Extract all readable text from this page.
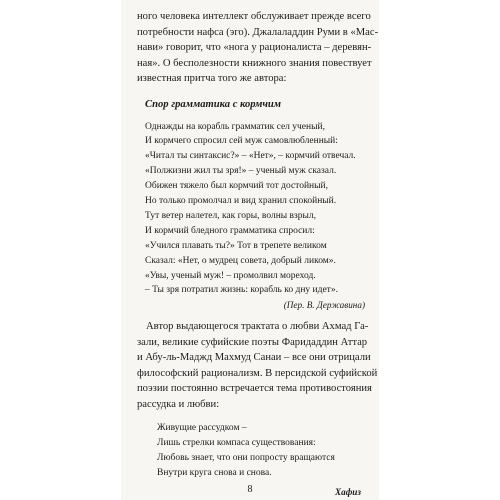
ного человека интеллект обслуживает прежде всего
потребности нафса (эго). Джалаладдин Руми в «Мас-
нави» говорит, что «нога у рационалиста – деревян-
ная». О бесполезности книжного знания повествует
известная притча того же автора:
Спор грамматика с кормчим
Однажды на корабль грамматик сел ученый,
И кормчего спросил сей муж самовлюбленный:
«Читал ты синтаксис?» – «Нет», – кормчий отвечал.
«Полжизни жил ты зря!» – ученый муж сказал.
Обижен тяжело был кормчий тот достойный,
Но только промолчал и вид хранил спокойный.
Тут ветер налетел, как горы, волны взрыл,
И кормчий бледного грамматика спросил:
«Учился плавать ты?» Тот в трепете великом
Сказал: «Нет, о мудрец совета, добрый ликом».
«Увы, ученый муж! – промолвил мореход.
– Ты зря потратил жизнь: корабль ко дну идет».
(Пер. В. Державина)
Автор выдающегося трактата о любви Ахмад Га-
зали, великие суфийские поэты Фаридаддин Аттар
и Абу-ль-Маджд Махмуд Санаи – все они отрицали
философский рационализм. В персидской суфийской
поэзии постоянно встречается тема противостояния
рассудка и любви:
Живущие рассудком –
Лишь стрелки компаса существования:
Любовь знает, что они попросту вращаются
Внутри круга снова и снова.
Хафиз
8
